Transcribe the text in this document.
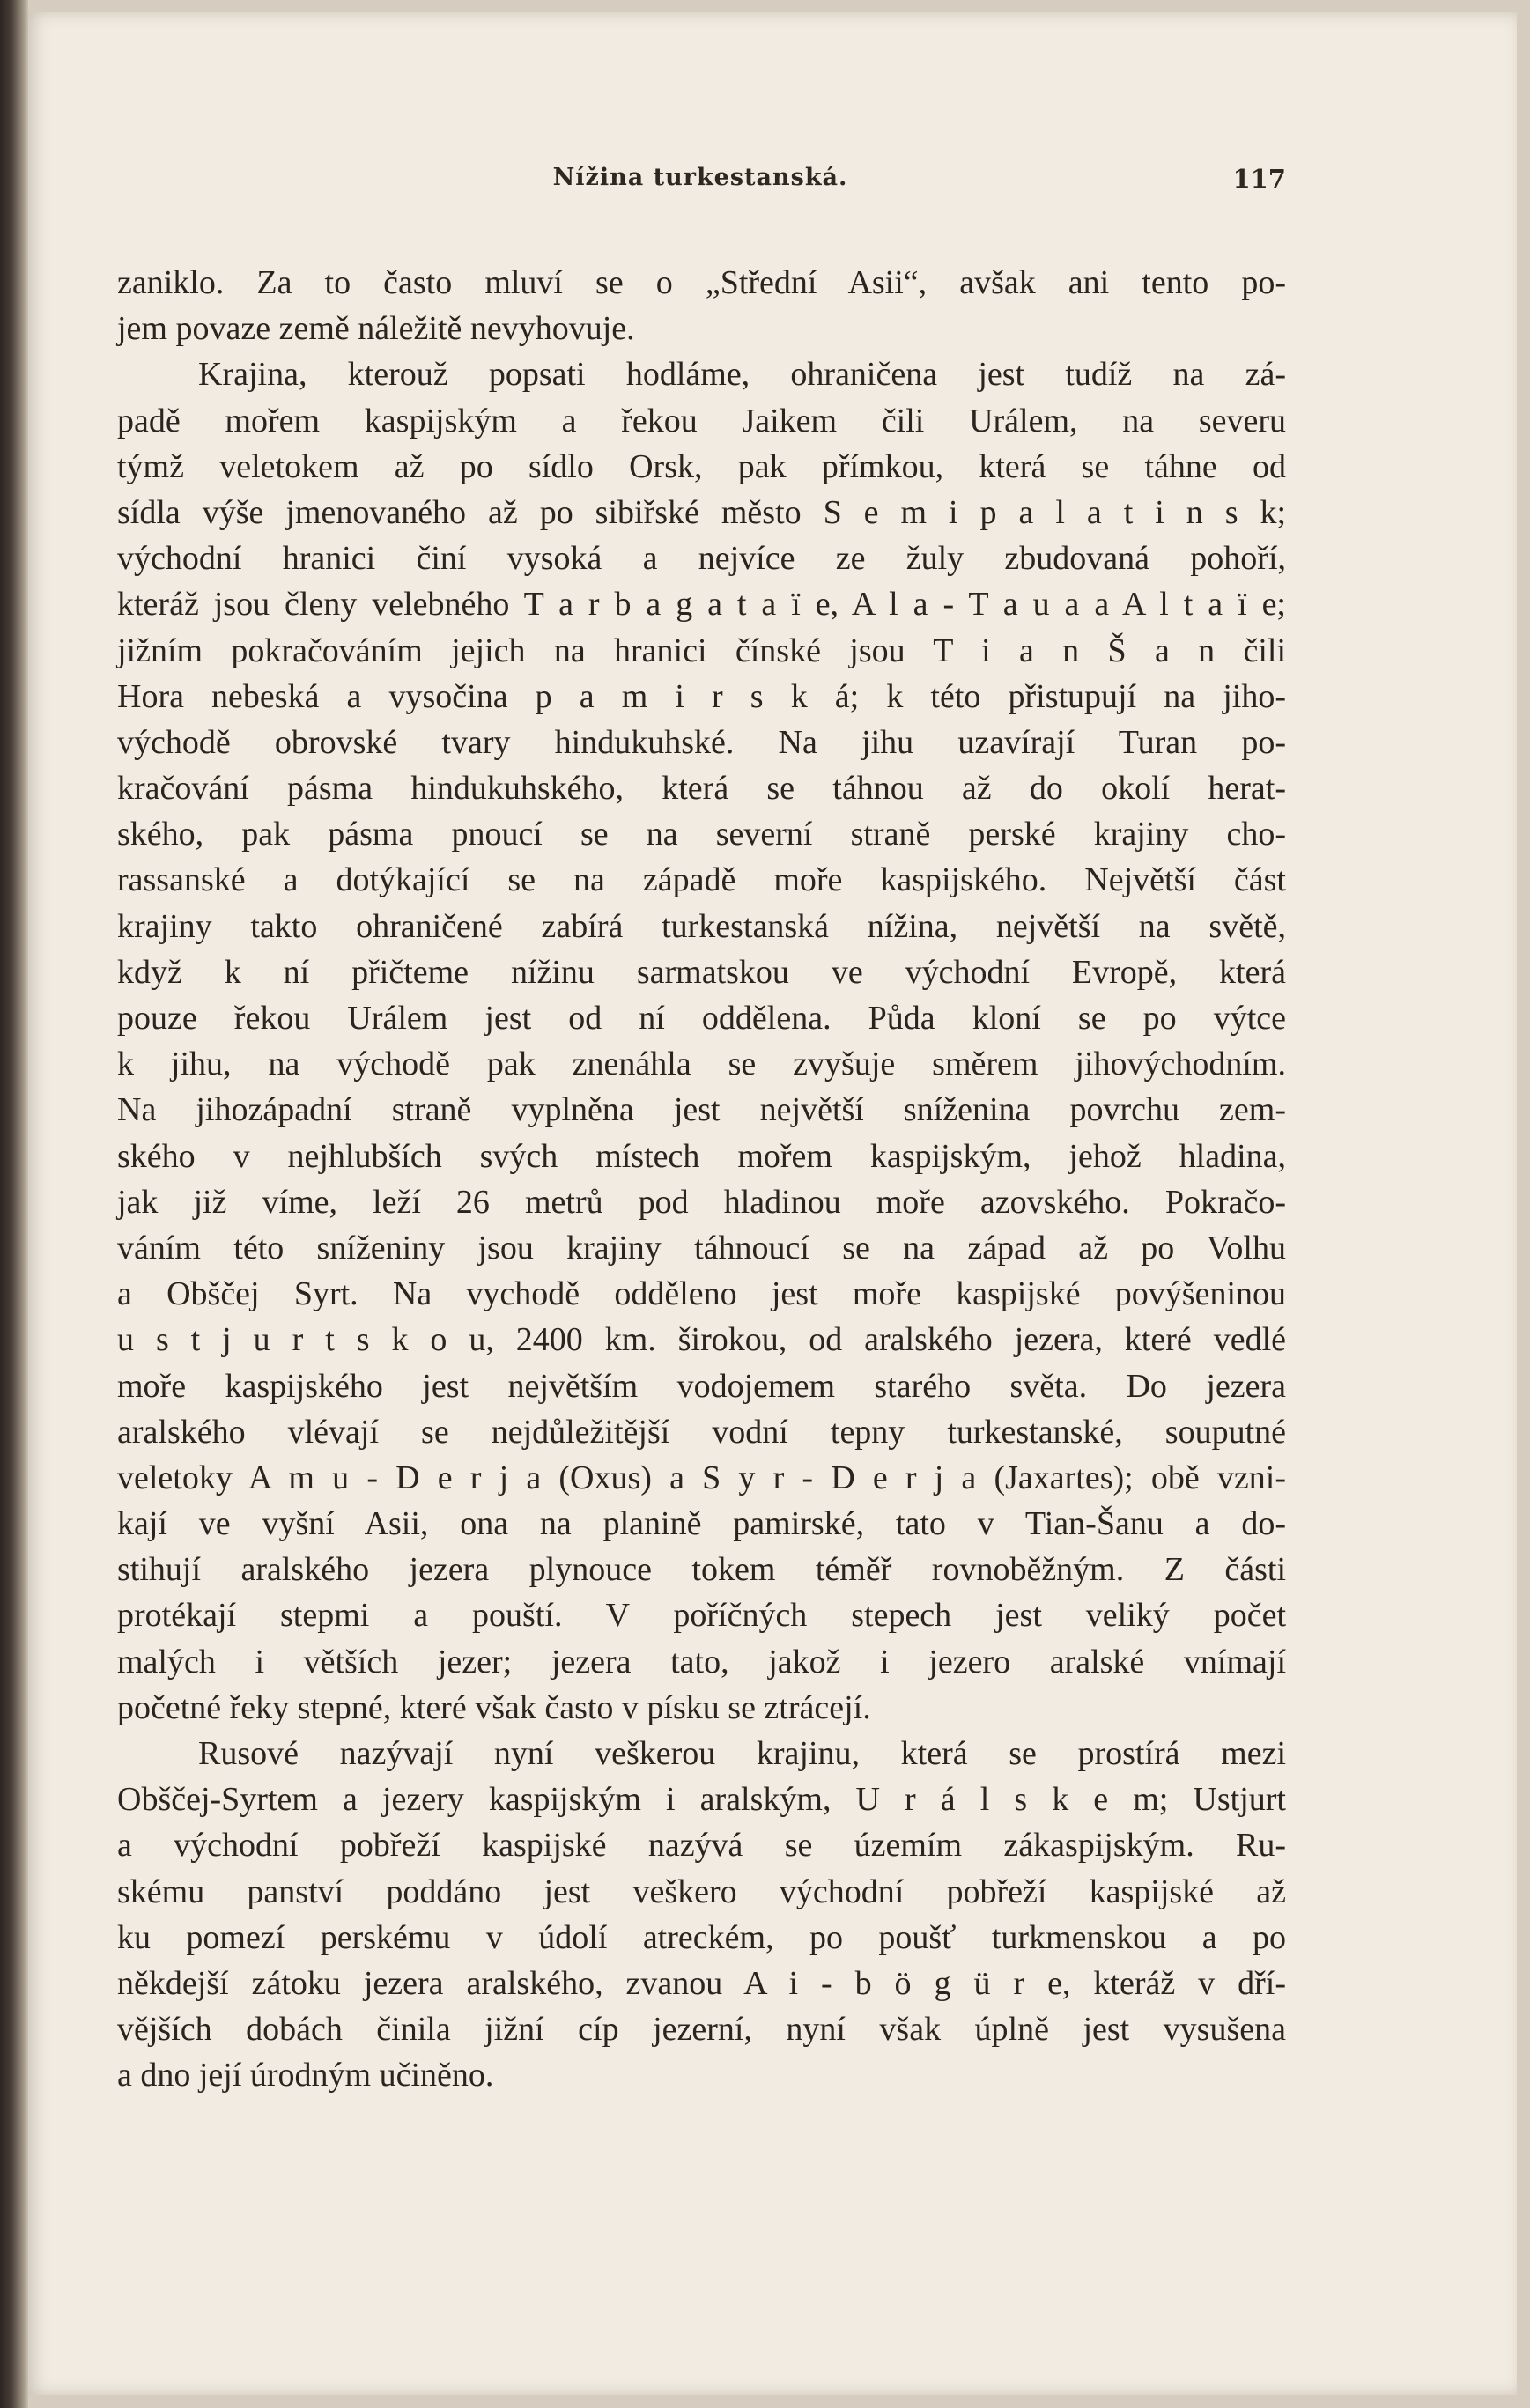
Nížina turkestanská.	117
zaniklo. Za to často mluví se o „Střední Asii“, avšak ani tento po-
jem povaze země náležitě nevyhovuje.
Krajina, kterouž popsati hodláme, ohraničena jest tudíž na zá-
padě mořem kaspijským a řekou Jaikem čili Urálem, na severu
týmž veletokem až po sídlo Orsk, pak přímkou, která se táhne od
sídla výše jmenovaného až po sibiřské město S e m i p a l a t i n s k;
východní hranici činí vysoká a nejvíce ze žuly zbudovaná pohoří,
kteráž jsou členy velebného T a r b a g a t a ï e, A l a - T a u a a A l t a ï e;
jižním pokračováním jejich na hranici čínské jsou T i a n Š a n čili
Hora nebeská a vysočina p a m i r s k á; k této přistupují na jiho-
východě obrovské tvary hindukuhské. Na jihu uzavírají Turan po-
kračování pásma hindukuhského, která se táhnou až do okolí herat-
ského, pak pásma pnoucí se na severní straně perské krajiny cho-
rassanské a dotýkající se na západě moře kaspijského. Největší část
krajiny takto ohraničené zabírá turkestanská nížina, největší na světě,
když k ní přičteme nížinu sarmatskou ve východní Evropě, která
pouze řekou Urálem jest od ní oddělena. Půda kloní se po výtce
k jihu, na východě pak znenáhla se zvyšuje směrem jihovýchodním.
Na jihozápadní straně vyplněna jest největší sníženina povrchu zem-
ského v nejhlubších svých místech mořem kaspijským, jehož hladina,
jak již víme, leží 26 metrů pod hladinou moře azovského. Pokračo-
váním této sníženiny jsou krajiny táhnoucí se na západ až po Volhu
a Obščej Syrt. Na vychodě odděleno jest moře kaspijské povýšeninou
u s t j u r t s k o u, 2400 km. širokou, od aralského jezera, které vedlé
moře kaspijského jest největším vodojemem starého světa. Do jezera
aralského vlévají se nejdůležitější vodní tepny turkestanské, souputné
veletoky A m u - D e r j a (Oxus) a S y r - D e r j a (Jaxartes); obě vzni-
kají ve vyšní Asii, ona na planině pamirské, tato v Tian-Šanu a do-
stihují aralského jezera plynouce tokem téměř rovnoběžným. Z části
protékají stepmi a pouští. V poříčných stepech jest veliký počet
malých i větších jezer; jezera tato, jakož i jezero aralské vnímají
početné řeky stepné, které však často v písku se ztrácejí.
Rusové nazývají nyní veškerou krajinu, která se prostírá mezi
Obščej-Syrtem a jezery kaspijským i aralským, U r á l s k e m; Ustjurt
a východní pobřeží kaspijské nazývá se územím zákaspijským. Ru-
skému panství poddáno jest veškero východní pobřeží kaspijské až
ku pomezí perskému v údolí atreckém, po poušť turkmenskou a po
někdejší zátoku jezera aralského, zvanou A i - b ö g ü r e, kteráž v dří-
vějších dobách činila jižní cíp jezerní, nyní však úplně jest vysušena
a dno její úrodným učiněno.
